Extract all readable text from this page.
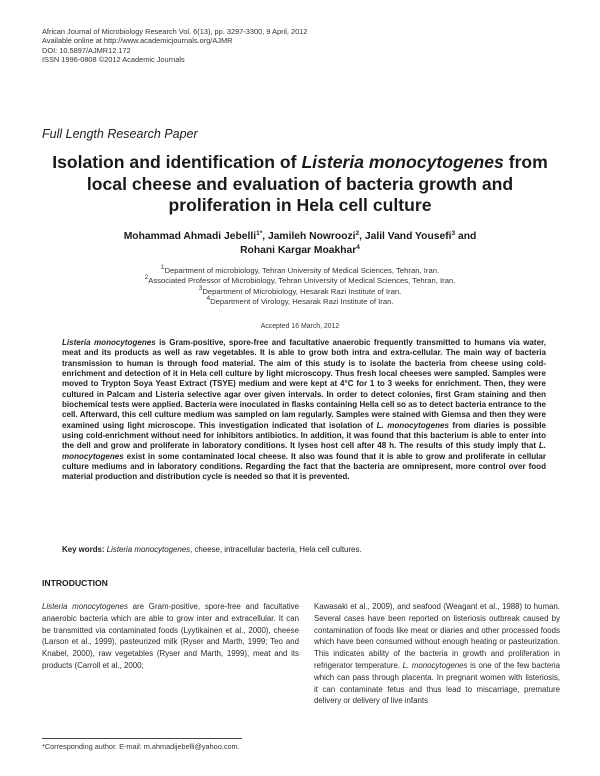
African Journal of Microbiology Research Vol. 6(13), pp. 3297-3300, 9 April, 2012
Available online at http://www.academicjournals.org/AJMR
DOI: 10.5897/AJMR12.172
ISSN 1996-0808 ©2012 Academic Journals
Full Length Research Paper
Isolation and identification of Listeria monocytogenes from local cheese and evaluation of bacteria growth and proliferation in Hela cell culture
Mohammad Ahmadi Jebelli$^{1*}$, Jamileh Nowroozi$^2$, Jalil Vand Yousefi$^3$ and
Rohani Kargar Moakhar$^4$
$^1$Department of microbiology, Tehran University of Medical Sciences, Tehran, Iran.
$^2$Associated Professor of Microbiology, Tehran University of Medical Sciences, Tehran, Iran.
$^3$Department of Microbiology, Hesarak Razi Institute of Iran.
$^4$Department of Virology, Hesarak Razi Institute of Iran.
Accepted 16 March, 2012
Listeria monocytogenes is Gram-positive, spore-free and facultative anaerobic frequently transmitted to humans via water, meat and its products as well as raw vegetables. It is able to grow both intra and extra-cellular. The main way of bacteria transmission to human is through food material. The aim of this study is to isolate the bacteria from cheese using cold-enrichment and detection of it in Hela cell culture by light microscopy. Thus fresh local cheeses were sampled. Samples were moved to Trypton Soya Yeast Extract (TSYE) medium and were kept at 4°C for 1 to 3 weeks for enrichment. Then, they were cultured in Palcam and Listeria selective agar over given intervals. In order to detect colonies, first Gram staining and then biochemical tests were applied. Bacteria were inoculated in flasks containing Hella cell so as to detect bacteria entrance to the cell. Afterward, this cell culture medium was sampled on lam regularly. Samples were stained with Giemsa and then they were examined using light microscope. This investigation indicated that isolation of L. monocytogenes from diaries is possible using cold-enrichment without need for inhibitors antibiotics. In addition, it was found that this bacterium is able to enter into the dell and grow and proliferate in laboratory conditions. It lyses host cell after 48 h. The results of this study imply that L. monocytogenes exist in some contaminated local cheese. It also was found that it is able to grow and proliferate in cellular culture mediums and in laboratory conditions. Regarding the fact that the bacteria are omnipresent, more control over food material production and distribution cycle is needed so that it is prevented.
Key words: Listeria monocytogenes, cheese, intracellular bacteria, Hela cell cultures.
INTRODUCTION
Listeria monocytogenes are Gram-positive, spore-free and facultative anaerobic bacteria which are able to grow inter and extracellular. It can be transmitted via contaminated foods (Lyytikainen et al., 2000), cheese (Larson et al., 1999), pasteurized milk (Ryser and Marth, 1999; Teo and Knabel, 2000), raw vegetables (Ryser and Marth, 1999), meat and its products (Carroll et al., 2000;
Kawasaki et al., 2009), and seafood (Weagant et al., 1988) to human. Several cases have been reported on listeriosis outbreak caused by contamination of foods like meat or diaries and other processed foods which have been consumed without enough heating or pasteurization. This indicates ability of the bacteria in growth and proliferation in refrigerator temperature. L. monocytogenes is one of the few bacteria which can pass through placenta. In pregnant women with listeriosis, it can contaminate fetus and thus lead to miscarriage, premature delivery or delivery of live infants
*Corresponding author. E-mail: m.ahmadijebelli@yahoo.com.
